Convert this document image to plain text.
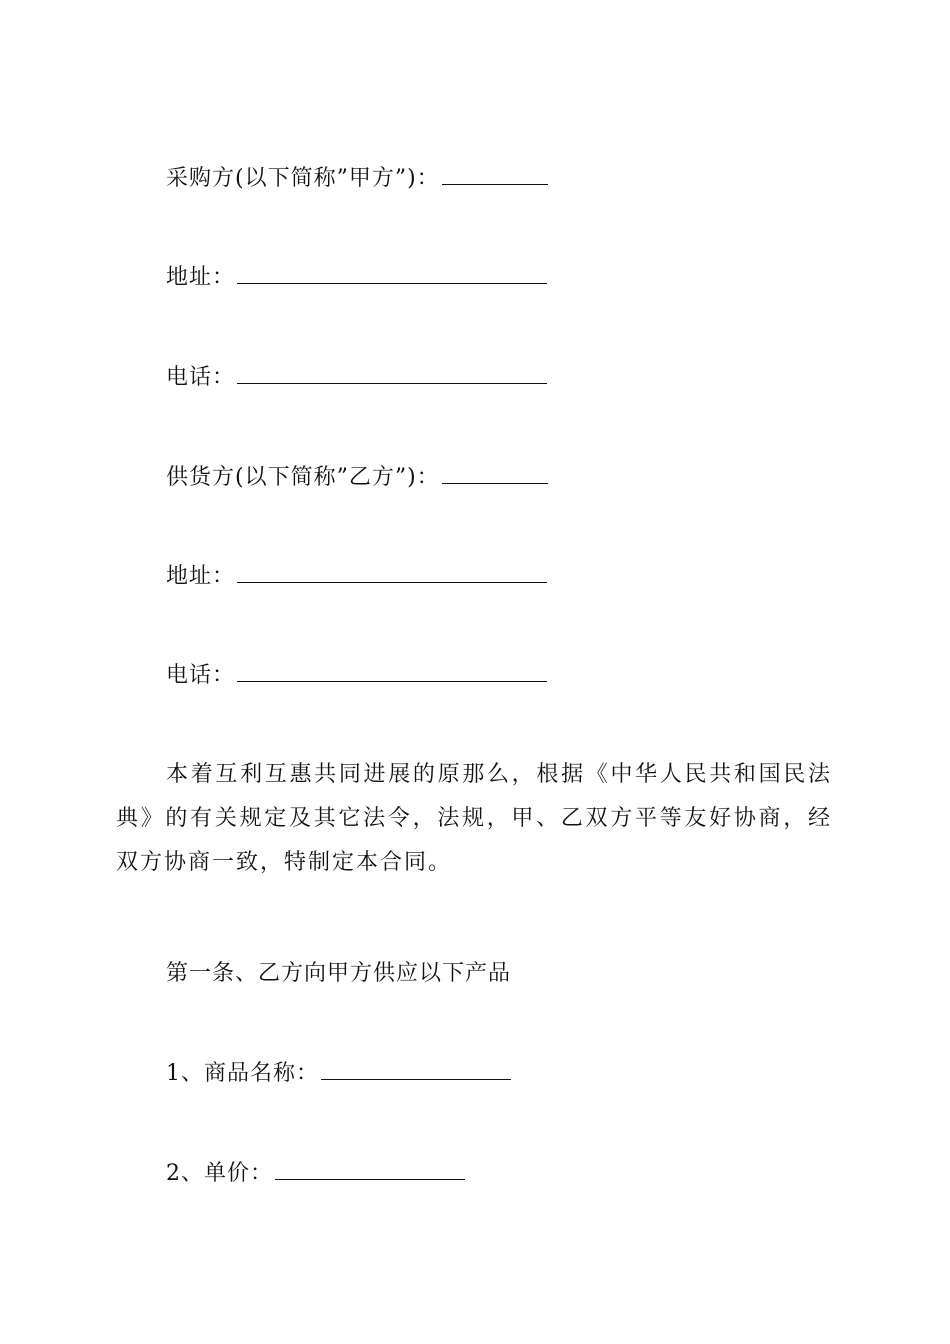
采购方(以下简称”甲方”)：
地址：
电话：
供货方(以下简称”乙方”)：
地址：
电话：
本着互利互惠共同进展的原那么，根据《中华人民共和国民法典》的有关规定及其它法令，法规，甲、乙双方平等友好协商，经双方协商一致，特制定本合同。
第一条、乙方向甲方供应以下产品
1、商品名称：
2、单价：
